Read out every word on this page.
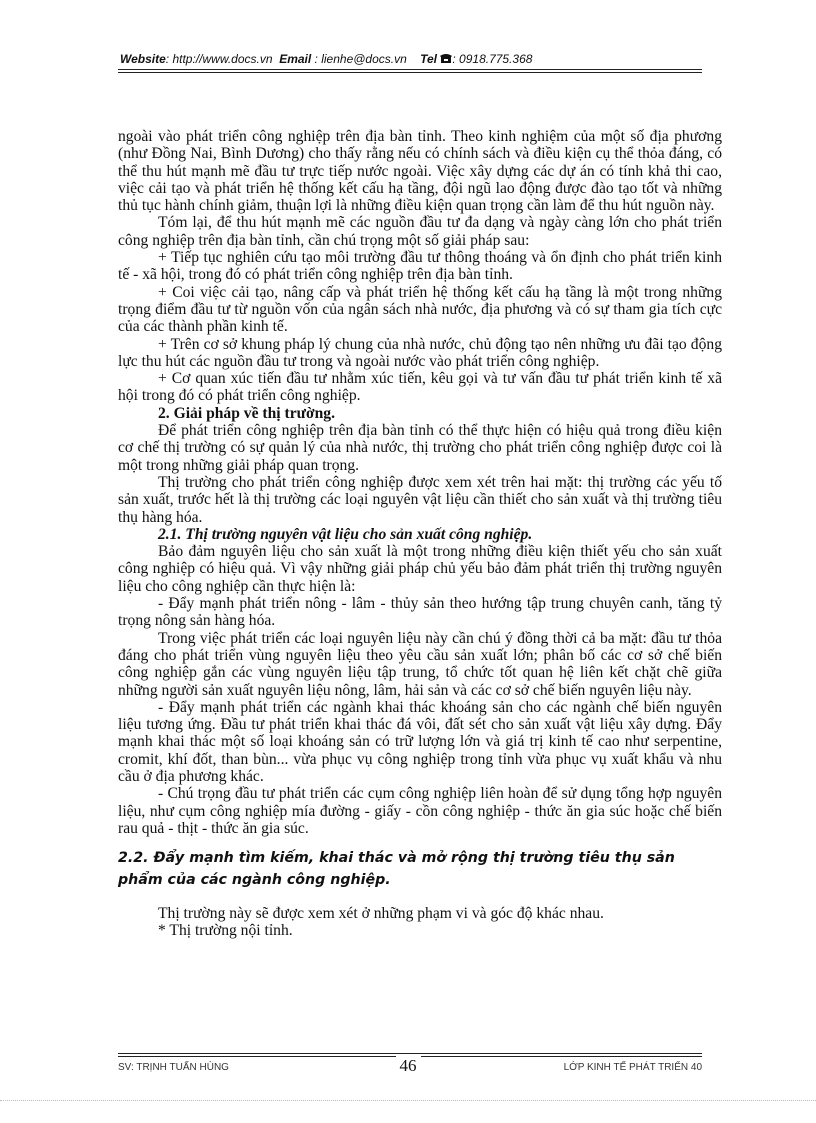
Website: http://www.docs.vn Email : lienhe@docs.vn Tel : 0918.775.368

ngoài vào phát triển công nghiệp trên địa bàn tỉnh. Theo kinh nghiệm của một số địa phương (như Đồng Nai, Bình Dương) cho thấy rằng nếu có chính sách và điều kiện cụ thể thỏa đáng, có thể thu hút mạnh mẽ đầu tư trực tiếp nước ngoài. Việc xây dựng các dự án có tính khả thi cao, việc cải tạo và phát triển hệ thống kết cấu hạ tầng, đội ngũ lao động được đào tạo tốt và những thủ tục hành chính giảm, thuận lợi là những điều kiện quan trọng cần làm để thu hút nguồn này.

Tóm lại, để thu hút mạnh mẽ các nguồn đầu tư đa dạng và ngày càng lớn cho phát triển công nghiệp trên địa bàn tỉnh, cần chú trọng một số giải pháp sau:

+ Tiếp tục nghiên cứu tạo môi trường đầu tư thông thoáng và ổn định cho phát triển kinh tế - xã hội, trong đó có phát triển công nghiệp trên địa bàn tỉnh.

+ Coi việc cải tạo, nâng cấp và phát triển hệ thống kết cấu hạ tầng là một trong những trọng điểm đầu tư từ nguồn vốn của ngân sách nhà nước, địa phương và có sự tham gia tích cực của các thành phần kinh tế.

+ Trên cơ sở khung pháp lý chung của nhà nước, chủ động tạo nên những ưu đãi tạo động lực thu hút các nguồn đầu tư trong và ngoài nước vào phát triển công nghiệp.

+ Cơ quan xúc tiến đầu tư nhằm xúc tiến, kêu gọi và tư vấn đầu tư phát triển kinh tế xã hội trong đó có phát triển công nghiệp.

2. Giải pháp về thị trường.

Để phát triển công nghiệp trên địa bàn tỉnh có thể thực hiện có hiệu quả trong điều kiện cơ chế thị trường có sự quản lý của nhà nước, thị trường cho phát triển công nghiệp được coi là một trong những giải pháp quan trọng.

Thị trường cho phát triển công nghiệp được xem xét trên hai mặt: thị trường các yếu tố sản xuất, trước hết là thị trường các loại nguyên vật liệu cần thiết cho sản xuất và thị trường tiêu thụ hàng hóa.

2.1. Thị trường nguyên vật liệu cho sản xuất công nghiệp.

Bảo đảm nguyên liệu cho sản xuất là một trong những điều kiện thiết yếu cho sản xuất công nghiệp có hiệu quả. Vì vậy những giải pháp chủ yếu bảo đảm phát triển thị trường nguyên liệu cho công nghiệp cần thực hiện là:

- Đẩy mạnh phát triển nông - lâm - thủy sản theo hướng tập trung chuyên canh, tăng tỷ trọng nông sản hàng hóa.

Trong việc phát triển các loại nguyên liệu này cần chú ý đồng thời cả ba mặt: đầu tư thỏa đáng cho phát triển vùng nguyên liệu theo yêu cầu sản xuất lớn; phân bố các cơ sở chế biến công nghiệp gắn các vùng nguyên liệu tập trung, tổ chức tốt quan hệ liên kết chặt chẽ giữa những người sản xuất nguyên liệu nông, lâm, hải sản và các cơ sở chế biến nguyên liệu này.

- Đẩy mạnh phát triển các ngành khai thác khoáng sản cho các ngành chế biến nguyên liệu tương ứng. Đầu tư phát triển khai thác đá vôi, đất sét cho sản xuất vật liệu xây dựng. Đẩy mạnh khai thác một số loại khoáng sản có trữ lượng lớn và giá trị kinh tế cao như serpentine, cromit, khí đốt, than bùn... vừa phục vụ công nghiệp trong tỉnh vừa phục vụ xuất khẩu và nhu cầu ở địa phương khác.

- Chú trọng đầu tư phát triển các cụm công nghiệp liên hoàn để sử dụng tổng hợp nguyên liệu, như cụm công nghiệp mía đường - giấy - cồn công nghiệp - thức ăn gia súc hoặc chế biến rau quả - thịt - thức ăn gia súc.

2.2. Đẩy mạnh tìm kiếm, khai thác và mở rộng thị trường tiêu thụ sản phẩm của các ngành công nghiệp.

Thị trường này sẽ được xem xét ở những phạm vi và góc độ khác nhau.

* Thị trường nội tỉnh.

SV: TRỊNH TUẤN HÙNG	LỚP KINH TẾ PHÁT TRIỂN 40
46
